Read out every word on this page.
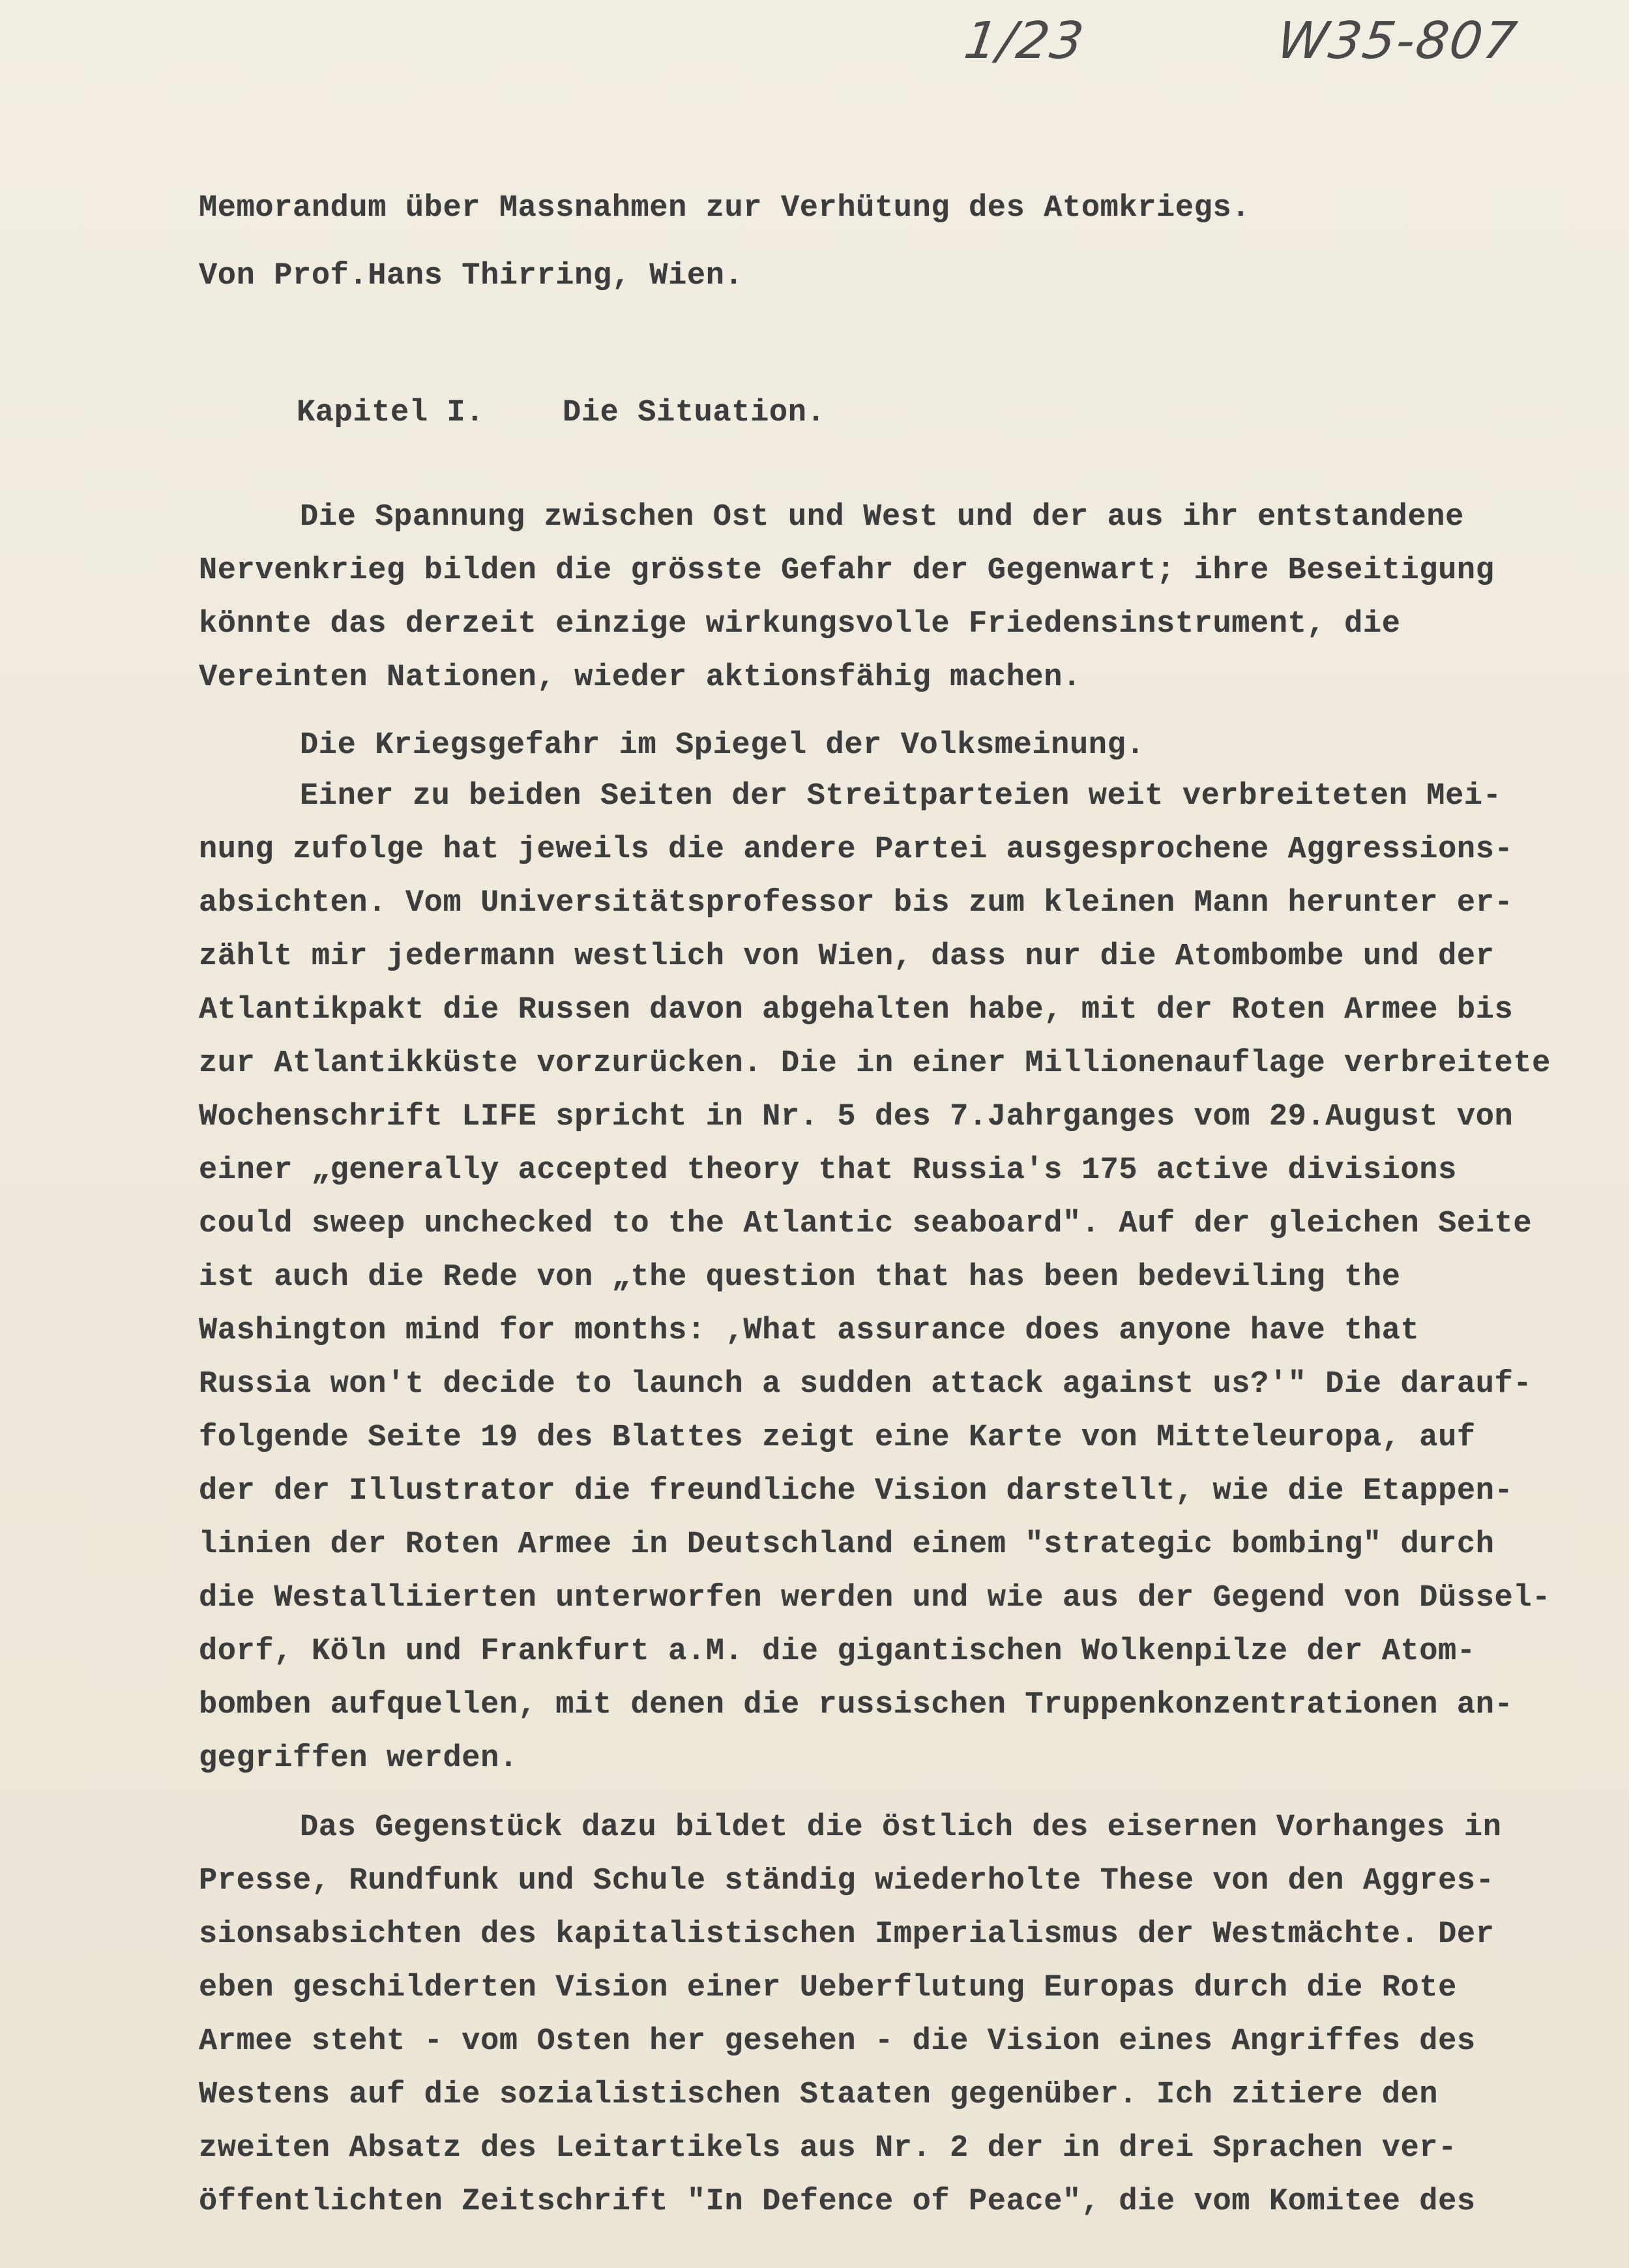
1/23	W35-807
Memorandum über Massnahmen zur Verhütung des Atomkriegs.
Von Prof.Hans Thirring, Wien.
Kapitel I.	Die Situation.
Die Spannung zwischen Ost und West und der aus ihr entstandene
Nervenkrieg bilden die grösste Gefahr der Gegenwart; ihre Beseitigung
könnte das derzeit einzige wirkungsvolle Friedensinstrument, die
Vereinten Nationen, wieder aktionsfähig machen.
Die Kriegsgefahr im Spiegel der Volksmeinung.
Einer zu beiden Seiten der Streitparteien weit verbreiteten Mei-
nung zufolge hat jeweils die andere Partei ausgesprochene Aggressions-
absichten. Vom Universitätsprofessor bis zum kleinen Mann herunter er-
zählt mir jedermann westlich von Wien, dass nur die Atombombe und der
Atlantikpakt die Russen davon abgehalten habe, mit der Roten Armee bis
zur Atlantikküste vorzurücken. Die in einer Millionenauflage verbreitete
Wochenschrift LIFE spricht in Nr. 5 des 7.Jahrganges vom 29.August von
einer „generally accepted theory that Russia's 175 active divisions
could sweep unchecked to the Atlantic seaboard". Auf der gleichen Seite
ist auch die Rede von „the question that has been bedeviling the
Washington mind for months: ‚What assurance does anyone have that
Russia won't decide to launch a sudden attack against us?'" Die darauf-
folgende Seite 19 des Blattes zeigt eine Karte von Mitteleuropa, auf
der der Illustrator die freundliche Vision darstellt, wie die Etappen-
linien der Roten Armee in Deutschland einem "strategic bombing" durch
die Westalliierten unterworfen werden und wie aus der Gegend von Düssel-
dorf, Köln und Frankfurt a.M. die gigantischen Wolkenpilze der Atom-
bomben aufquellen, mit denen die russischen Truppenkonzentrationen an-
gegriffen werden.
Das Gegenstück dazu bildet die östlich des eisernen Vorhanges in
Presse, Rundfunk und Schule ständig wiederholte These von den Aggres-
sionsabsichten des kapitalistischen Imperialismus der Westmächte. Der
eben geschilderten Vision einer Ueberflutung Europas durch die Rote
Armee steht - vom Osten her gesehen - die Vision eines Angriffes des
Westens auf die sozialistischen Staaten gegenüber. Ich zitiere den
zweiten Absatz des Leitartikels aus Nr. 2 der in drei Sprachen ver-
öffentlichten Zeitschrift "In Defence of Peace", die vom Komitee des
